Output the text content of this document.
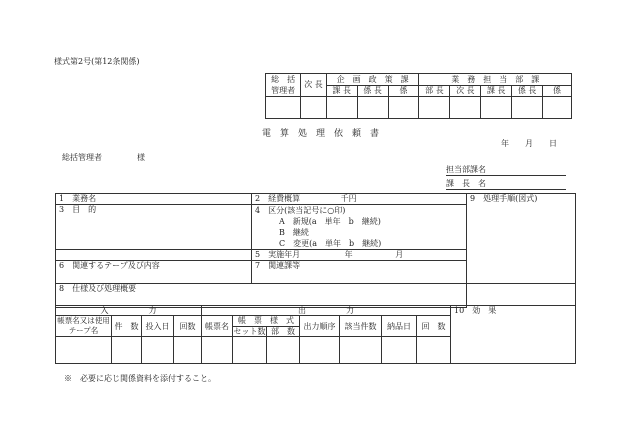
様式第2号(第12条関係)
総　括
管理者	次 長	企　画　政　策　課			業　務　担　当　部　課				
		課 長	係 長	係	部 長	次 長	課 長	係 長	係

電　算　処　理　依　頼　書
年　　月　　日
総括管理者	様
担当部課名
課　長　名
1　業務名	2　経費概算 千円	9　処理手順(図式)
3　目　的	4　区分(該当記号に○印)
A　新規(a　単年　b　継続)
B　継続
C　変更(a　単年　b　継続)	

	5　実施年月 年 月	
6　関連するテープ及び内容	7　関連課等	
8　仕様及び処理概要		
入　　　　　力				出　　　　　力							10　効　果
帳票名又は使用テープ名	件　数	投入日	回数	帳票名	帳　票　様　式		出力順序	該当件数	納品日	回　数	
					セット数	部　数					

※　必要に応じ関係資料を添付すること。
